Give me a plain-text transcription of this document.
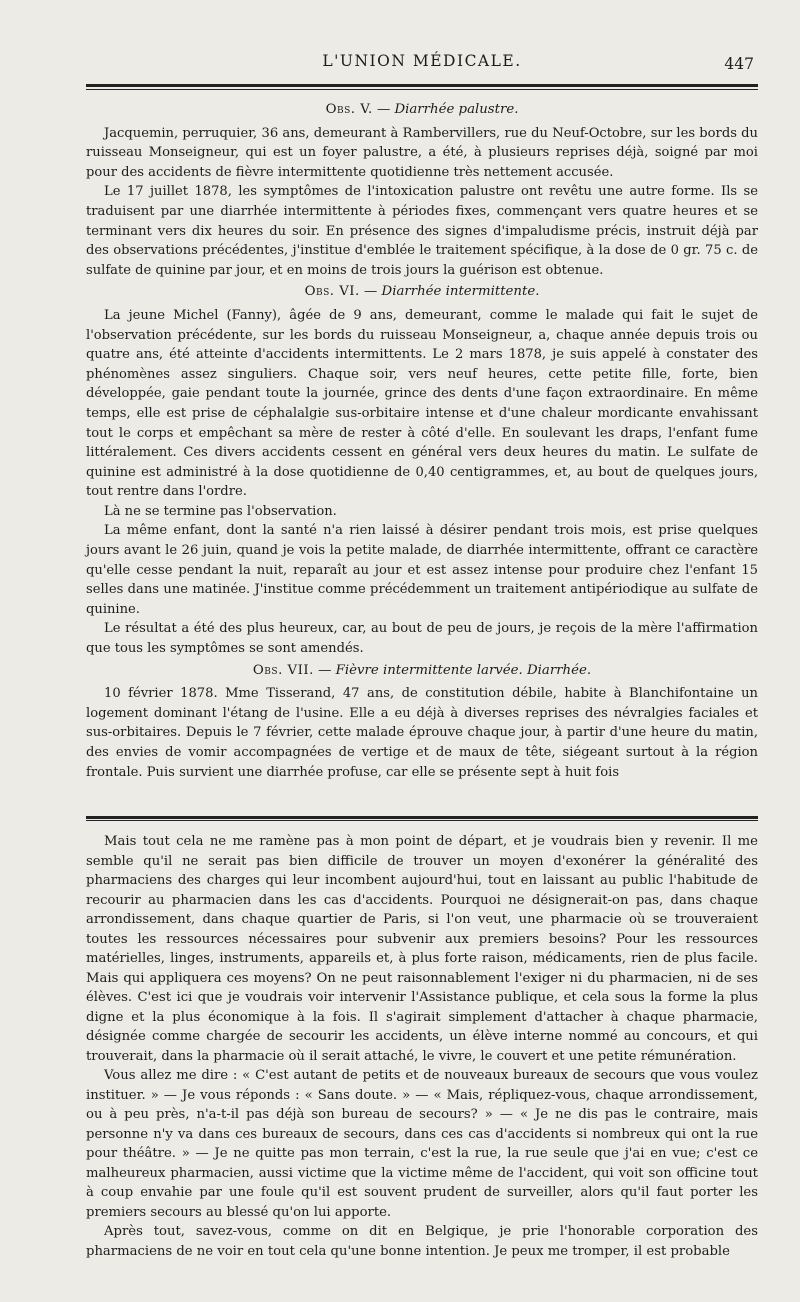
L'UNION MÉDICALE.	447
Obs. V. — Diarrhée palustre.

Jacquemin, perruquier, 36 ans, demeurant à Rambervillers, rue du Neuf-Octobre, sur les bords du ruisseau Monseigneur, qui est un foyer palustre, a été, à plusieurs reprises déjà, soigné par moi pour des accidents de fièvre intermittente quotidienne très nettement accusée.

Le 17 juillet 1878, les symptômes de l'intoxication palustre ont revêtu une autre forme. Ils se traduisent par une diarrhée intermittente à périodes fixes, commençant vers quatre heures et se terminant vers dix heures du soir. En présence des signes d'impaludisme précis, instruit déjà par des observations précédentes, j'institue d'emblée le traitement spécifique, à la dose de 0 gr. 75 c. de sulfate de quinine par jour, et en moins de trois jours la guérison est obtenue.

Obs. VI. — Diarrhée intermittente.

La jeune Michel (Fanny), âgée de 9 ans, demeurant, comme le malade qui fait le sujet de l'observation précédente, sur les bords du ruisseau Monseigneur, a, chaque année depuis trois ou quatre ans, été atteinte d'accidents intermittents. Le 2 mars 1878, je suis appelé à constater des phénomènes assez singuliers. Chaque soir, vers neuf heures, cette petite fille, forte, bien développée, gaie pendant toute la journée, grince des dents d'une façon extraordinaire. En même temps, elle est prise de céphalalgie sus-orbitaire intense et d'une chaleur mordicante envahissant tout le corps et empêchant sa mère de rester à côté d'elle. En soulevant les draps, l'enfant fume littéralement. Ces divers accidents cessent en général vers deux heures du matin. Le sulfate de quinine est administré à la dose quotidienne de 0,40 centigrammes, et, au bout de quelques jours, tout rentre dans l'ordre.

Là ne se termine pas l'observation.

La même enfant, dont la santé n'a rien laissé à désirer pendant trois mois, est prise quelques jours avant le 26 juin, quand je vois la petite malade, de diarrhée intermittente, offrant ce caractère qu'elle cesse pendant la nuit, reparaît au jour et est assez intense pour produire chez l'enfant 15 selles dans une matinée. J'institue comme précédemment un traitement antipériodique au sulfate de quinine.

Le résultat a été des plus heureux, car, au bout de peu de jours, je reçois de la mère l'affirmation que tous les symptômes se sont amendés.

Obs. VII. — Fièvre intermittente larvée. Diarrhée.

10 février 1878. Mme Tisserand, 47 ans, de constitution débile, habite à Blanchifontaine un logement dominant l'étang de l'usine. Elle a eu déjà à diverses reprises des névralgies faciales et sus-orbitaires. Depuis le 7 février, cette malade éprouve chaque jour, à partir d'une heure du matin, des envies de vomir accompagnées de vertige et de maux de tête, siégeant surtout à la région frontale. Puis survient une diarrhée profuse, car elle se présente sept à huit fois

Mais tout cela ne me ramène pas à mon point de départ, et je voudrais bien y revenir. Il me semble qu'il ne serait pas bien difficile de trouver un moyen d'exonérer la généralité des pharmaciens des charges qui leur incombent aujourd'hui, tout en laissant au public l'habitude de recourir au pharmacien dans les cas d'accidents. Pourquoi ne désignerait-on pas, dans chaque arrondissement, dans chaque quartier de Paris, si l'on veut, une pharmacie où se trouveraient toutes les ressources nécessaires pour subvenir aux premiers besoins? Pour les ressources matérielles, linges, instruments, appareils et, à plus forte raison, médicaments, rien de plus facile. Mais qui appliquera ces moyens? On ne peut raisonnablement l'exiger ni du pharmacien, ni de ses élèves. C'est ici que je voudrais voir intervenir l'Assistance publique, et cela sous la forme la plus digne et la plus économique à la fois. Il s'agirait simplement d'attacher à chaque pharmacie, désignée comme chargée de secourir les accidents, un élève interne nommé au concours, et qui trouverait, dans la pharmacie où il serait attaché, le vivre, le couvert et une petite rémunération.

Vous allez me dire : « C'est autant de petits et de nouveaux bureaux de secours que vous voulez instituer. » — Je vous réponds : « Sans doute. » — « Mais, répliquez-vous, chaque arrondissement, ou à peu près, n'a-t-il pas déjà son bureau de secours? » — « Je ne dis pas le contraire, mais personne n'y va dans ces bureaux de secours, dans ces cas d'accidents si nombreux qui ont la rue pour théâtre. » — Je ne quitte pas mon terrain, c'est la rue, la rue seule que j'ai en vue; c'est ce malheureux pharmacien, aussi victime que la victime même de l'accident, qui voit son officine tout à coup envahie par une foule qu'il est souvent prudent de surveiller, alors qu'il faut porter les premiers secours au blessé qu'on lui apporte.

Après tout, savez-vous, comme on dit en Belgique, je prie l'honorable corporation des pharmaciens de ne voir en tout cela qu'une bonne intention. Je peux me tromper, il est probable
